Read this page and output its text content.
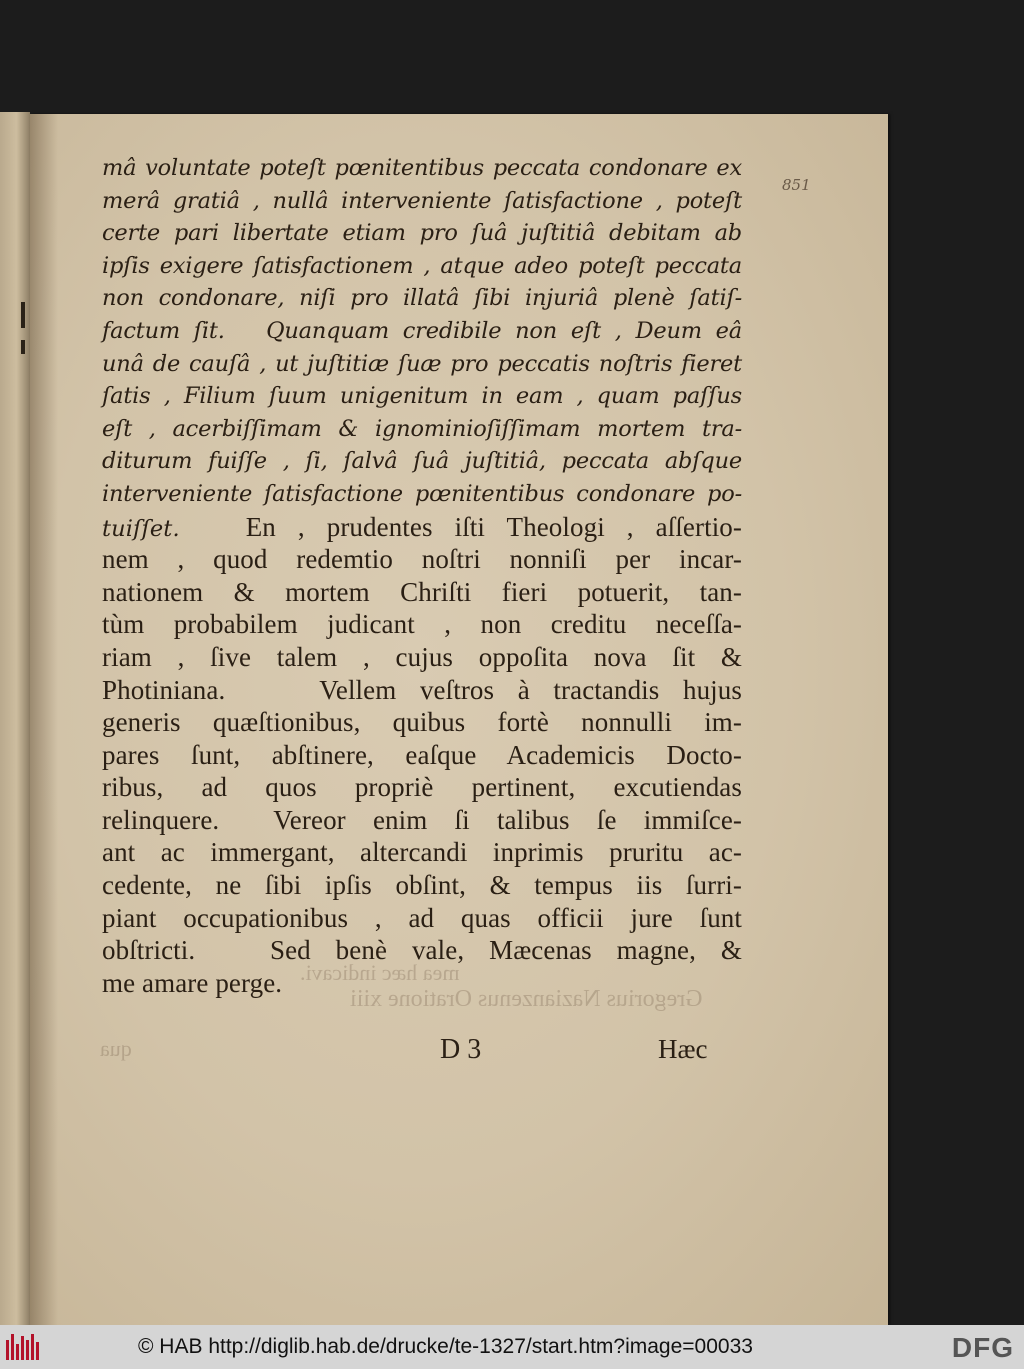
851
mea hæc indicavi.
Gregorius Nazianzenus Oratione xiii
qua
mâ voluntate poteſt pœnitentibus peccata condonare ex
merâ gratiâ , nullâ interveniente ſatisfactione , poteſt
certe pari libertate etiam pro ſuâ juſtitiâ debitam ab
ipſis exigere ſatisfactionem , atque adeo poteſt peccata
non condonare, niſi pro illatâ ſibi injuriâ plenè ſatiſ-
factum ſit.   Quanquam credibile non eſt , Deum eâ
unâ de cauſâ , ut juſtitiæ ſuæ pro peccatis noſtris fieret
ſatis , Filium ſuum unigenitum in eam , quam paſſus
eſt , acerbiſſimam & ignominioſiſſimam mortem tra-
diturum fuiſſe , ſi, ſalvâ ſuâ juſtitiâ, peccata abſque
interveniente ſatisfactione pœnitentibus condonare po-
tuiſſet.   En , prudentes iſti Theologi , aſſertio-
nem , quod redemtio noſtri nonniſi per incar-
nationem & mortem Chriſti fieri potuerit, tan-
tùm probabilem judicant , non creditu neceſſa-
riam , ſive talem , cujus oppoſita nova ſit &
Photiniana.    Vellem veſtros à tractandis hujus
generis quæſtionibus, quibus fortè nonnulli im-
pares ſunt, abſtinere, eaſque Academicis Docto-
ribus, ad quos propriè pertinent, excutiendas
relinquere.  Vereor enim ſi talibus ſe immiſce-
ant ac immergant, altercandi inprimis pruritu ac-
cedente, ne ſibi ipſis obſint, & tempus iis ſurri-
piant occupationibus , ad quas officii jure ſunt
obſtricti.   Sed benè vale, Mæcenas magne, &
me amare perge.
D 3	Hæc
© HAB http://diglib.hab.de/drucke/te-1327/start.htm?image=00033	DFG
